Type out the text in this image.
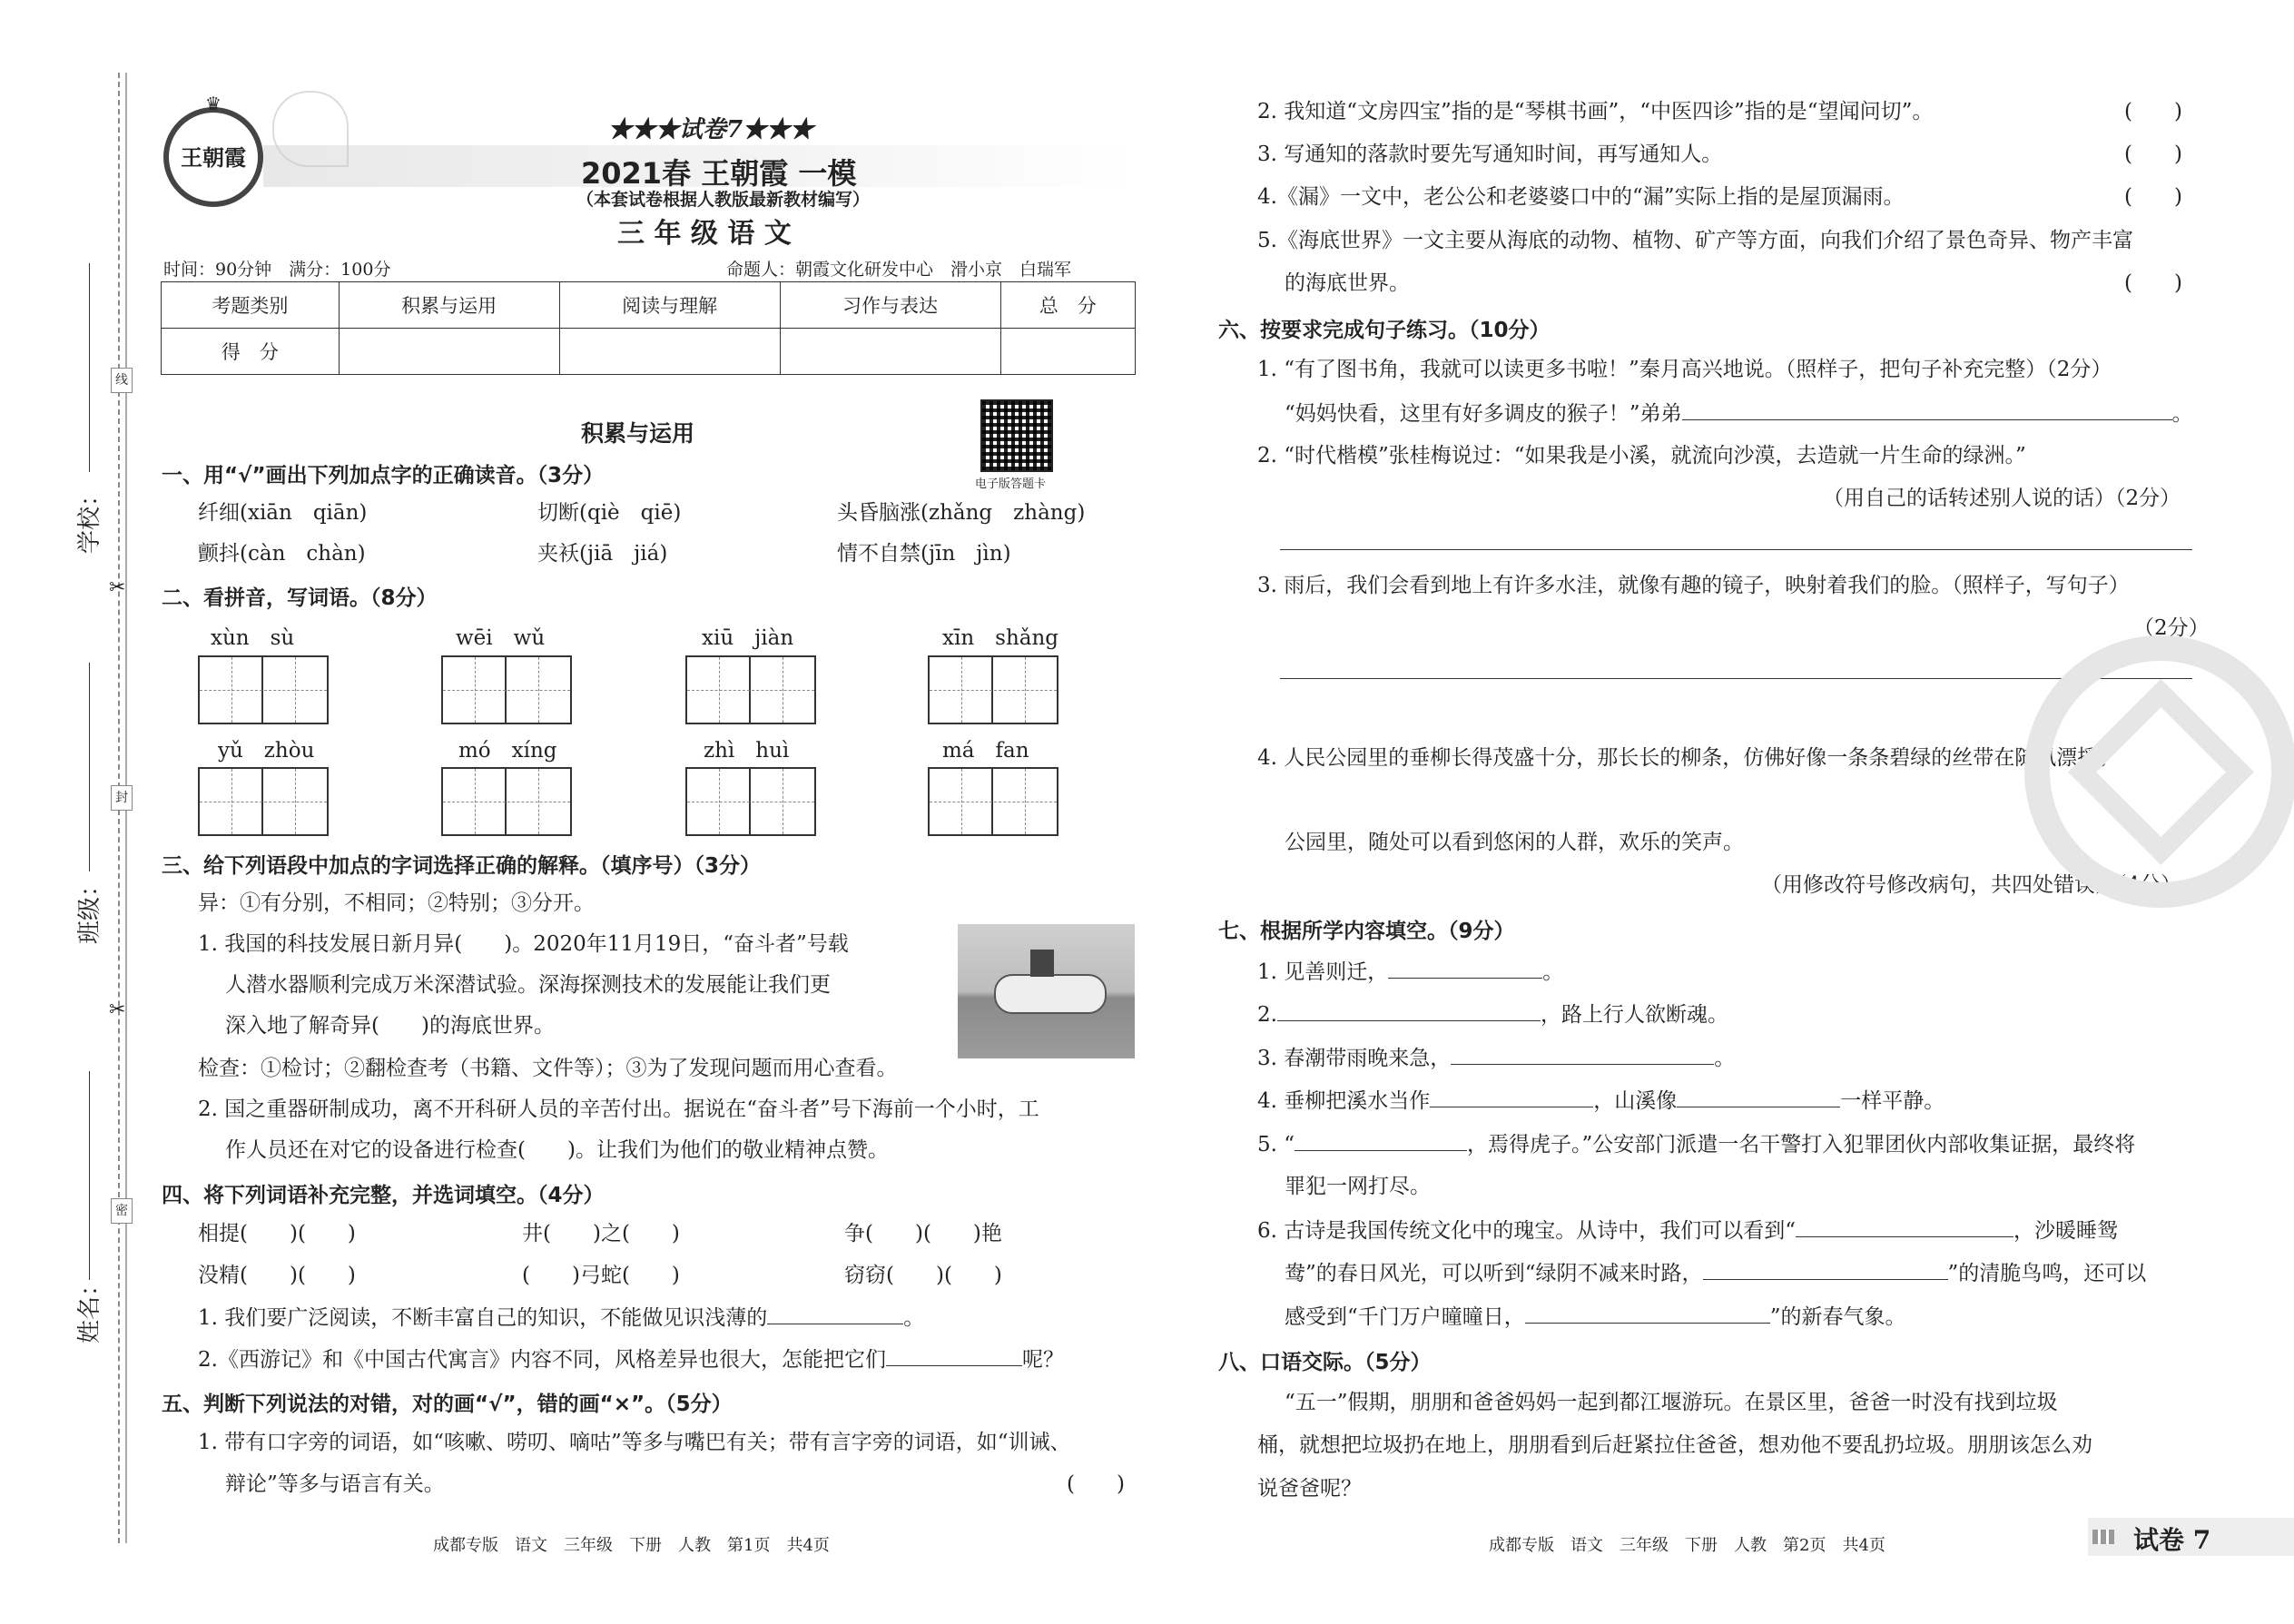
线
封
密
✂
✂
学校：
班级：
姓名：
♛
王朝霞
★★★试卷7★★★
2021春 王朝霞 一模
（本套试卷根据人教版最新教材编写）
三 年 级 语 文
时间：90分钟　满分：100分	命题人：朝霞文化研发中心　滑小京　白瑞军
考题类别	积累与运用	阅读与理解	习作与表达	总　分
得　分				
电子版答题卡
积累与运用
一、用“√”画出下列加点字的正确读音。（3分）
纤细(xiān　qiān)	切断(qiè　qiē)	头昏脑涨(zhǎng　zhàng)
颤抖(càn　chàn)	夹袄(jiā　jiá)	情不自禁(jīn　jìn)
二、看拼音，写词语。（8分）
xùn　sù	wēi　wǔ	xiū　jiàn	xīn　shǎng
yǔ　zhòu	mó　xíng	zhì　huì	má　fan
三、给下列语段中加点的字词选择正确的解释。（填序号）（3分）
异：①有分别，不相同；②特别；③分开。
1. 我国的科技发展日新月异(　　)。2020年11月19日，“奋斗者”号载
人潜水器顺利完成万米深潜试验。深海探测技术的发展能让我们更
深入地了解奇异(　　)的海底世界。
检查：①检讨；②翻检查考（书籍、文件等）；③为了发现问题而用心查看。
2. 国之重器研制成功，离不开科研人员的辛苦付出。据说在“奋斗者”号下海前一个小时，工
作人员还在对它的设备进行检查(　　)。让我们为他们的敬业精神点赞。
四、将下列词语补充完整，并选词填空。（4分）
相提(　　)(　　)	井(　　)之(　　)	争(　　)(　　)艳
没精(　　)(　　)	(　　)弓蛇(　　)	窃窃(　　)(　　)
1. 我们要广泛阅读，不断丰富自己的知识，不能做见识浅薄的	。
2.《西游记》和《中国古代寓言》内容不同，风格差异也很大，怎能把它们	呢？
五、判断下列说法的对错，对的画“√”，错的画“×”。（5分）
1. 带有口字旁的词语，如“咳嗽、唠叨、嘀咕”等多与嘴巴有关；带有言字旁的词语，如“训诫、
辩论”等多与语言有关。	(　　)
成都专版　语文　三年级　下册　人教　第1页　共4页
2. 我知道“文房四宝”指的是“琴棋书画”，“中医四诊”指的是“望闻问切”。	(　　)
3. 写通知的落款时要先写通知时间，再写通知人。	(　　)
4.《漏》一文中，老公公和老婆婆口中的“漏”实际上指的是屋顶漏雨。	(　　)
5.《海底世界》一文主要从海底的动物、植物、矿产等方面，向我们介绍了景色奇异、物产丰富
的海底世界。	(　　)
六、按要求完成句子练习。（10分）
1. “有了图书角，我就可以读更多书啦！”秦月高兴地说。（照样子，把句子补充完整）（2分）
“妈妈快看，这里有好多调皮的猴子！”弟弟	。
2. “时代楷模”张桂梅说过：“如果我是小溪，就流向沙漠，去造就一片生命的绿洲。”
（用自己的话转述别人说的话）（2分）
3. 雨后，我们会看到地上有许多水洼，就像有趣的镜子，映射着我们的脸。（照样子，写句子）
（2分）
4. 人民公园里的垂柳长得茂盛十分，那长长的柳条，仿佛好像一条条碧绿的丝带在随风漂摇。
公园里，随处可以看到悠闲的人群，欢乐的笑声。
（用修改符号修改病句，共四处错误）（4分）
七、根据所学内容填空。（9分）
1. 见善则迁，	。
2.	，路上行人欲断魂。
3. 春潮带雨晚来急，	。
4. 垂柳把溪水当作	，山溪像	一样平静。
5. “	，焉得虎子。”公安部门派遣一名干警打入犯罪团伙内部收集证据，最终将
罪犯一网打尽。
6. 古诗是我国传统文化中的瑰宝。从诗中，我们可以看到“	，沙暖睡鸳
鸯”的春日风光，可以听到“绿阴不减来时路，	”的清脆鸟鸣，还可以
感受到“千门万户曈曈日，	”的新春气象。
八、口语交际。（5分）
“五一”假期，朋朋和爸爸妈妈一起到都江堰游玩。在景区里，爸爸一时没有找到垃圾
桶，就想把垃圾扔在地上，朋朋看到后赶紧拉住爸爸，想劝他不要乱扔垃圾。朋朋该怎么劝
说爸爸呢？
成都专版　语文　三年级　下册　人教　第2页　共4页	试卷 7
